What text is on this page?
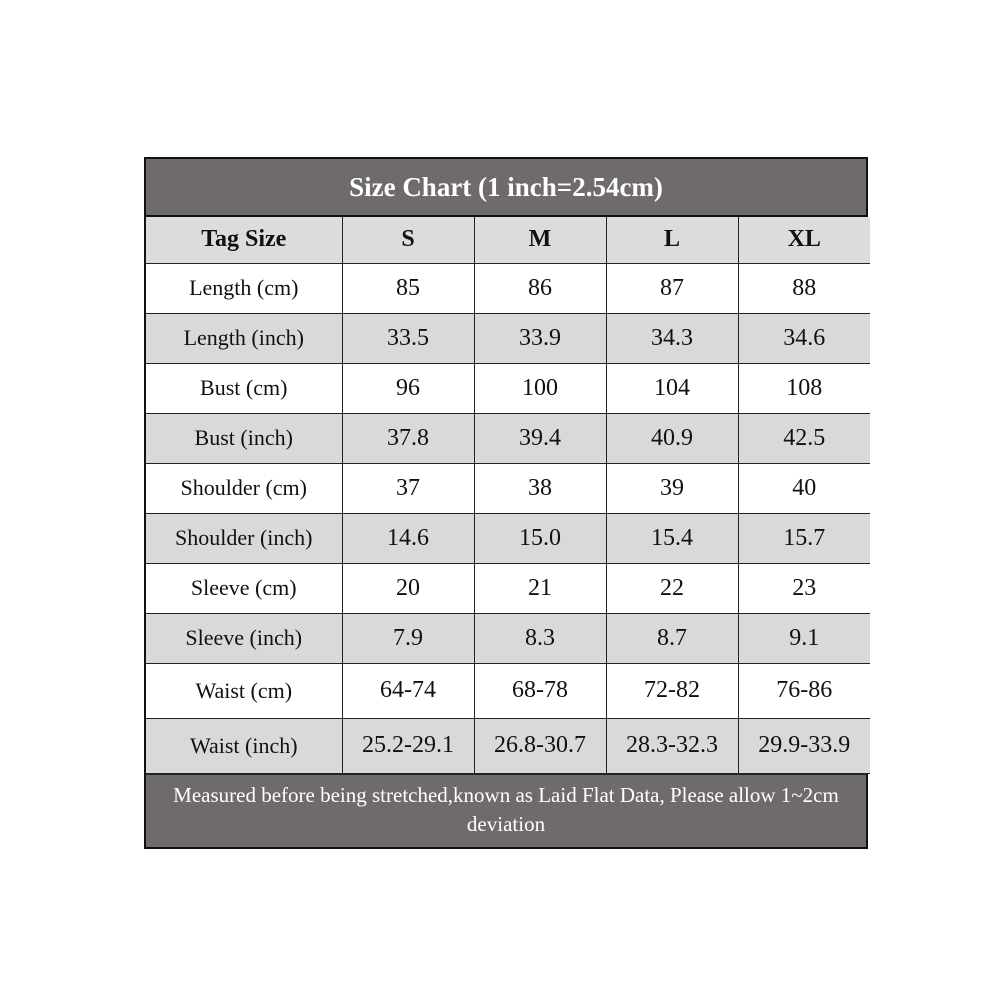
Size Chart (1 inch=2.54cm)
Tag Size	S	M	L	XL
Length (cm)	85	86	87	88
Length (inch)	33.5	33.9	34.3	34.6
Bust (cm)	96	100	104	108
Bust (inch)	37.8	39.4	40.9	42.5
Shoulder (cm)	37	38	39	40
Shoulder (inch)	14.6	15.0	15.4	15.7
Sleeve (cm)	20	21	22	23
Sleeve (inch)	7.9	8.3	8.7	9.1
Waist (cm)	64-74	68-78	72-82	76-86
Waist (inch)	25.2-29.1	26.8-30.7	28.3-32.3	29.9-33.9
Measured before being stretched,known as Laid Flat Data, Please allow 1~2cm deviation
